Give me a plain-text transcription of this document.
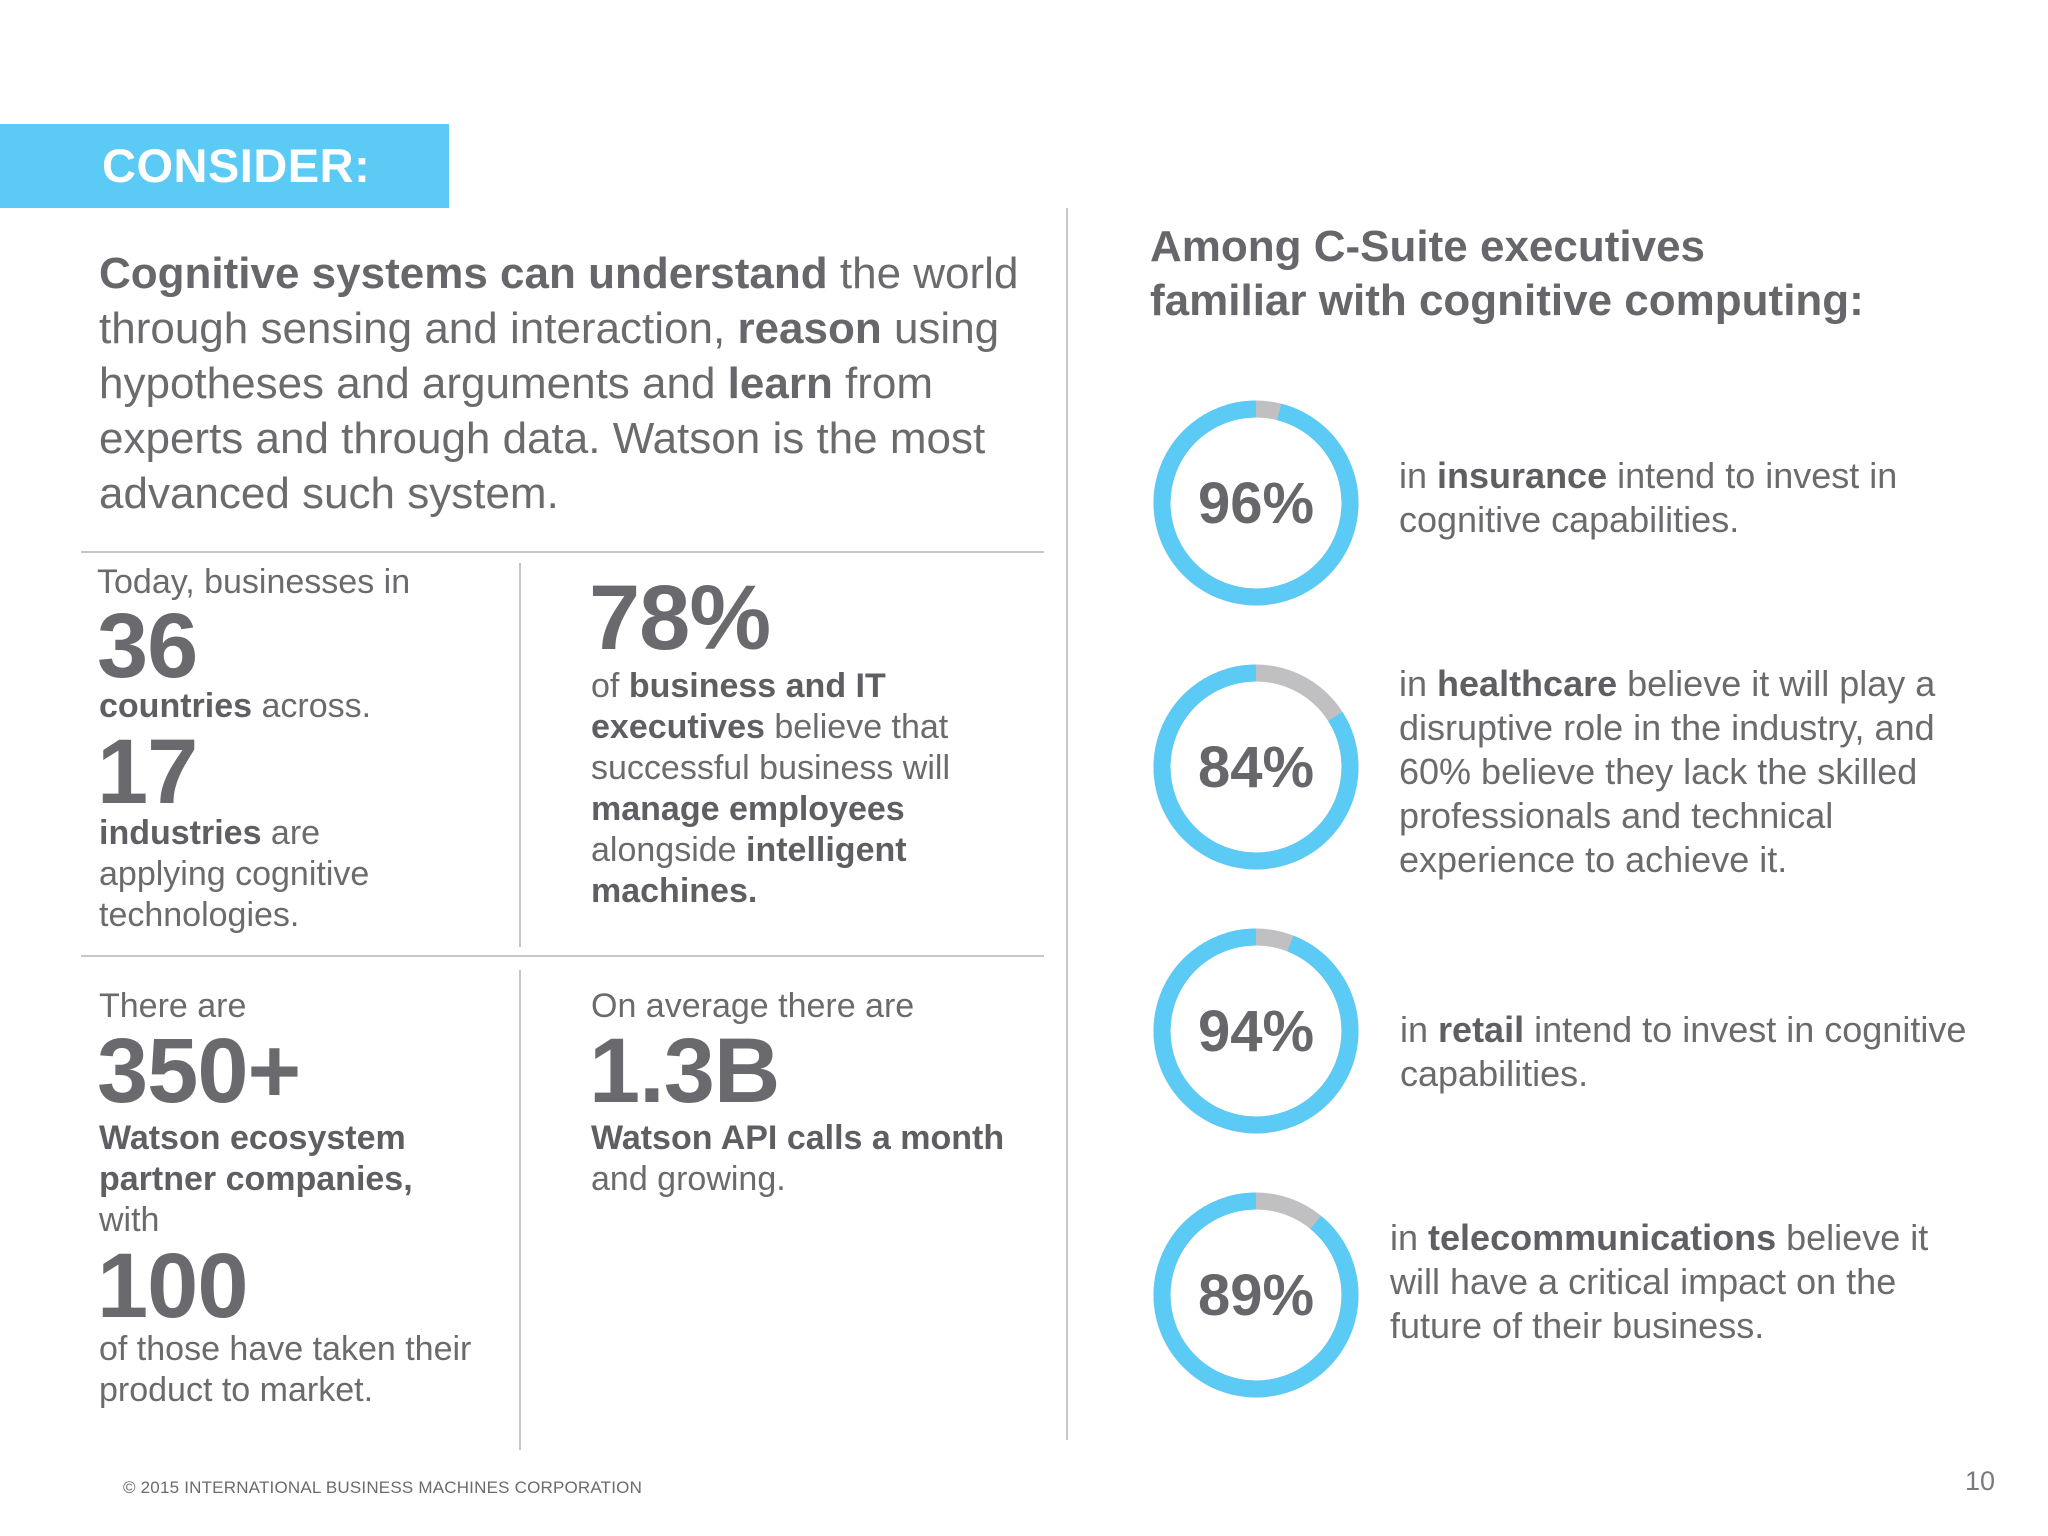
CONSIDER:
Cognitive systems can understand the world through sensing and interaction, reason using hypotheses and arguments and learn from experts and through data. Watson is the most advanced such system.
Today, businesses in
36
countries across.
17
industries are applying cognitive technologies.
78%
of business and IT executives believe that successful business will manage employees alongside intelligent machines.
There are
350+
Watson ecosystem partner companies,
with
100
of those have taken their product to market.
On average there are
1.3B
Watson API calls a month
and growing.
Among C-Suite executives
familiar with cognitive computing:
96%	in insurance intend to invest in cognitive capabilities.
84%
in healthcare believe it will play a disruptive role in the industry, and 60% believe they lack the skilled professionals and technical experience to achieve it.
94%	in retail intend to invest in cognitive capabilities.
89%
in telecommunications believe it will have a critical impact on the future of their business.
© 2015 INTERNATIONAL BUSINESS MACHINES CORPORATION	10
